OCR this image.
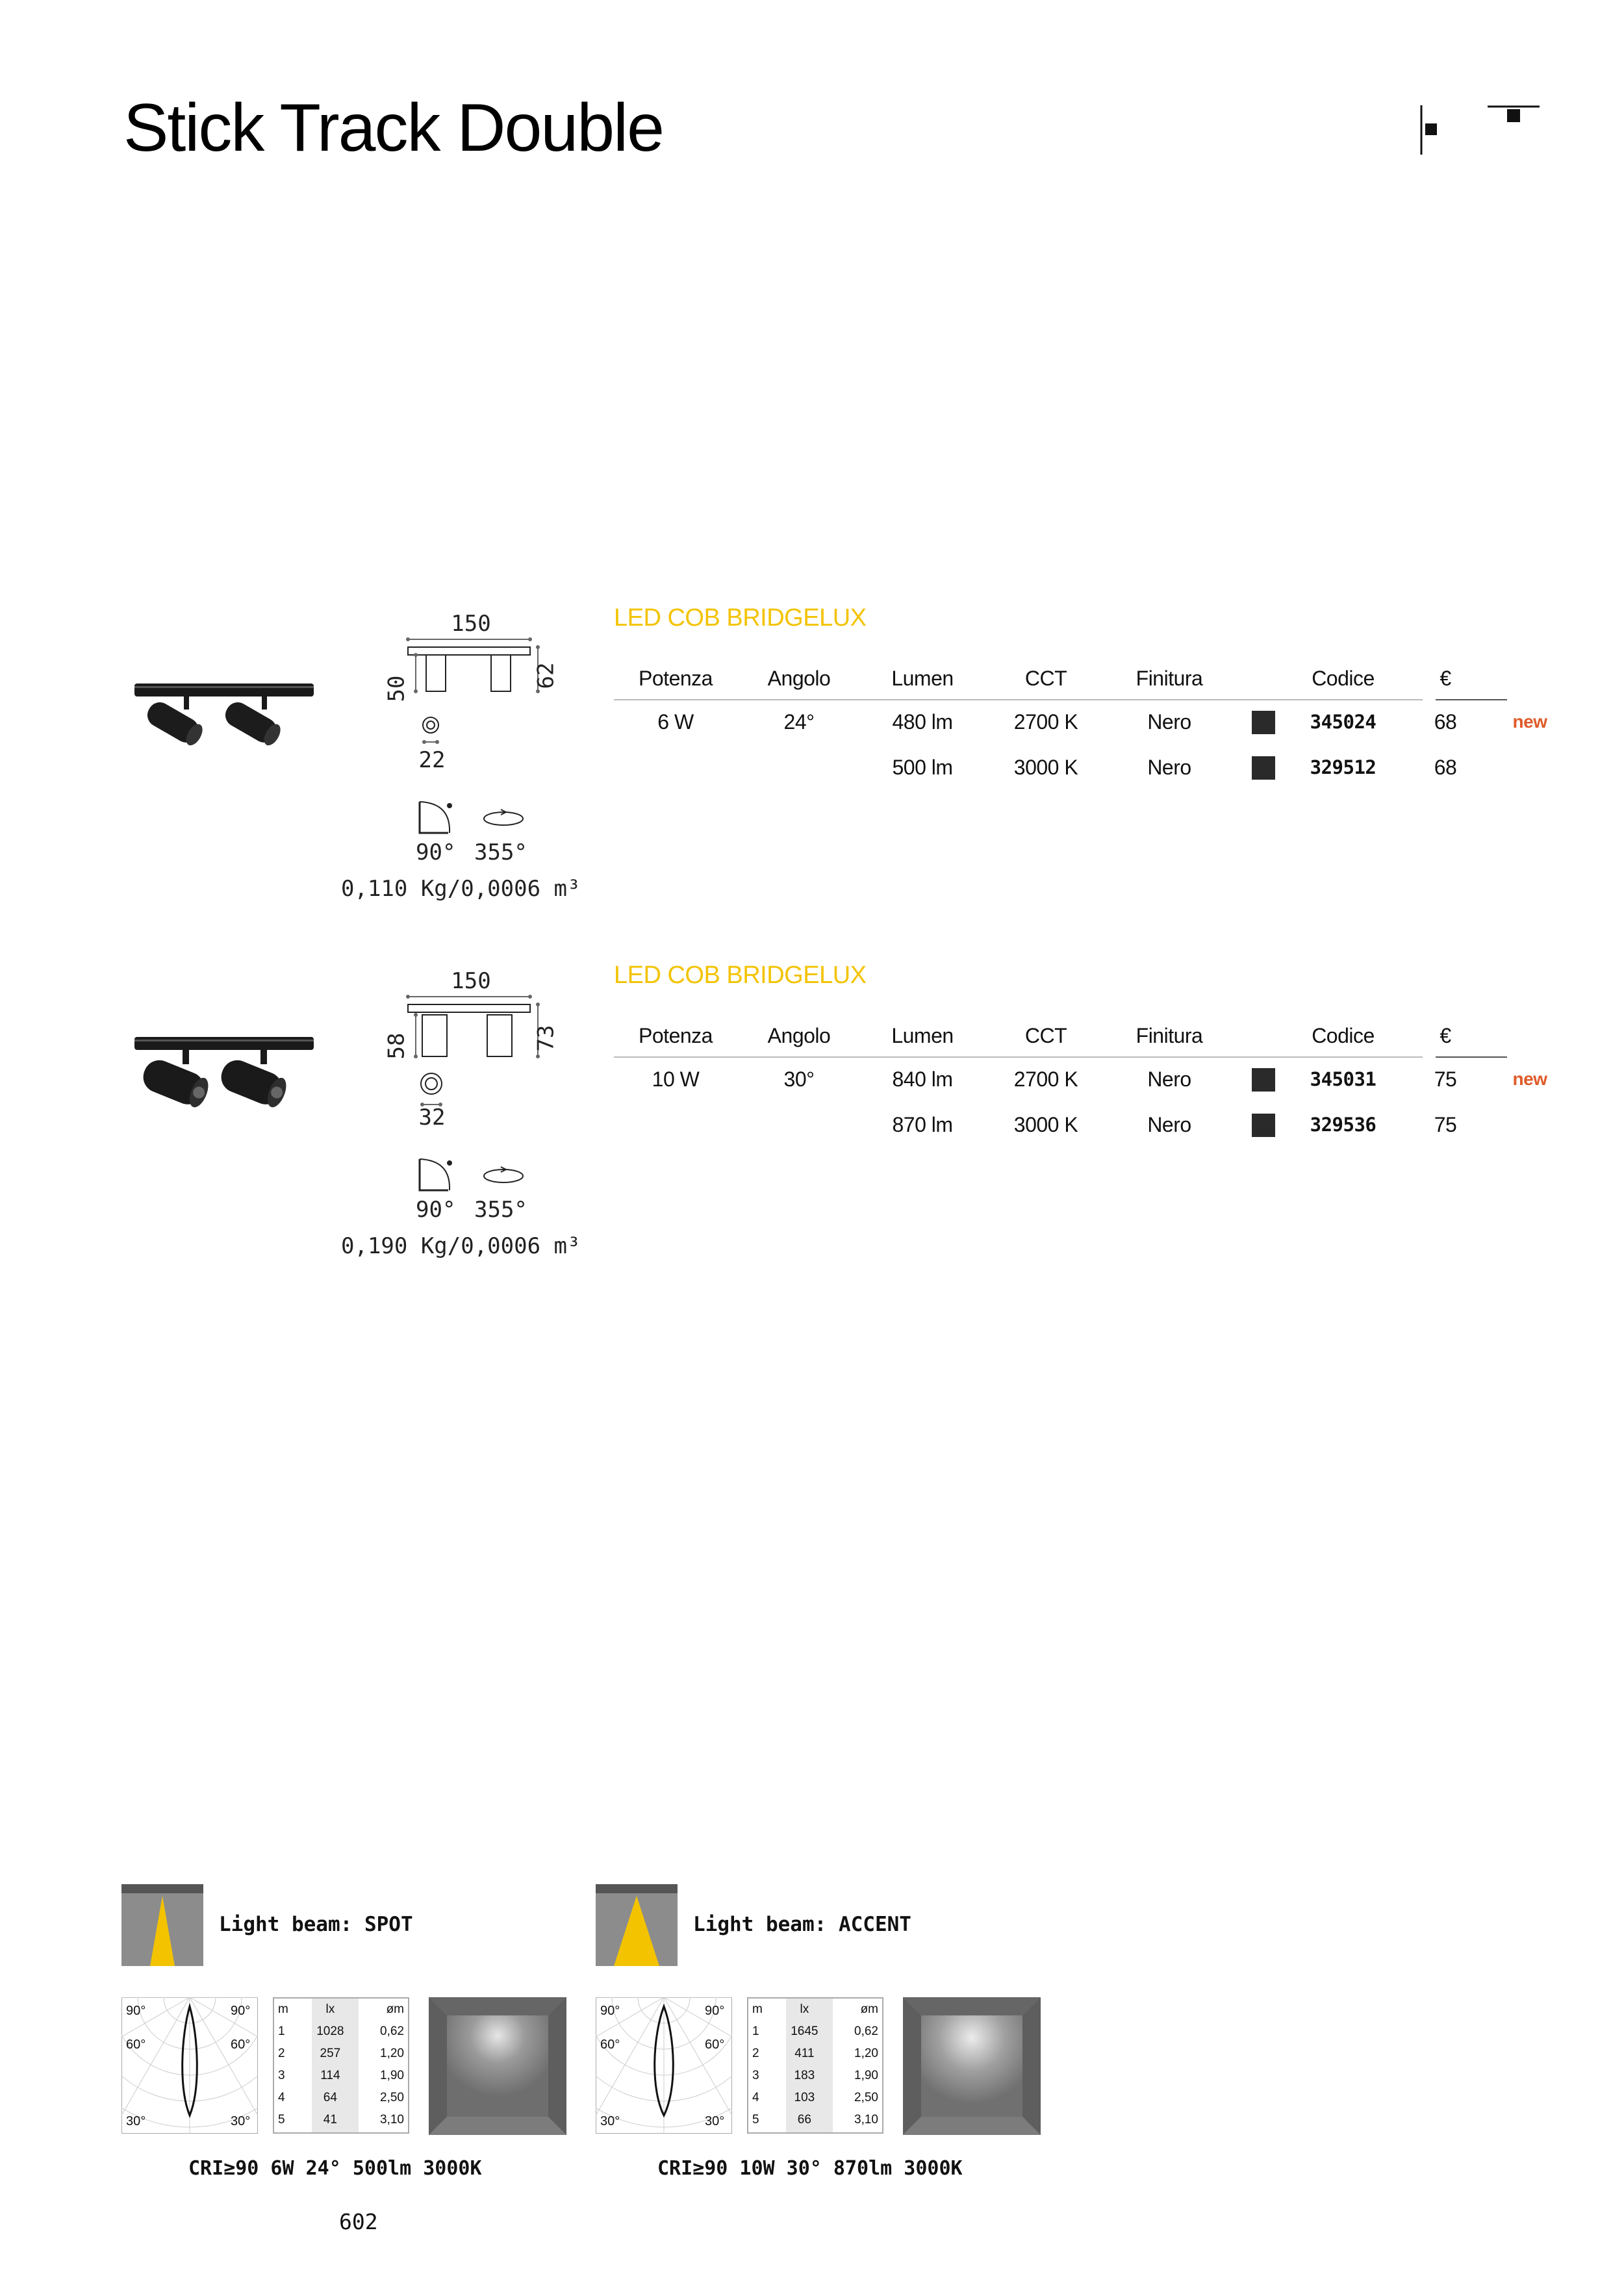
Stick Track Double
150
50	62
22
90° 355°
0,110 Kg/0,0006 m³
LED COB BRIDGELUX
Potenza	Angolo	Lumen	CCT	Finitura		Codice	€	
6 W	24°	480 lm	2700 K	Nero		345024	68	new
		500 lm	3000 K	Nero		329512	68	
150
58	73
32
90° 355°
0,190 Kg/0,0006 m³
LED COB BRIDGELUX
Potenza	Angolo	Lumen	CCT	Finitura		Codice	€	
10 W	30°	840 lm	2700 K	Nero		345031	75	new
		870 lm	3000 K	Nero		329536	75	
Light beam: SPOT
90°	90°
60°	60°
30°	30°
m	lx	øm
1	1028	0,62
2	257	1,20
3	114	1,90
4	64	2,50
5	41	3,10
CRI≥90 6W 24° 500lm 3000K
Light beam: ACCENT
90°	90°
60°	60°
30°	30°
m	lx	øm
1	1645	0,62
2	411	1,20
3	183	1,90
4	103	2,50
5	66	3,10
CRI≥90 10W 30° 870lm 3000K
602
